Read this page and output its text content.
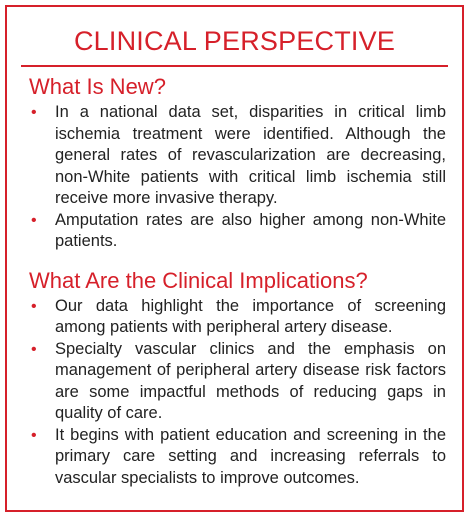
CLINICAL PERSPECTIVE
What Is New?
• In a national data set, disparities in critical limb ischemia treatment were identified. Although the general rates of revascularization are decreasing, non-White patients with critical limb ischemia still receive more invasive therapy.
• Amputation rates are also higher among non-White patients.
What Are the Clinical Implications?
• Our data highlight the importance of screening among patients with peripheral artery disease.
• Specialty vascular clinics and the emphasis on management of peripheral artery disease risk factors are some impactful methods of reducing gaps in quality of care.
• It begins with patient education and screening in the primary care setting and increasing referrals to vascular specialists to improve outcomes.
